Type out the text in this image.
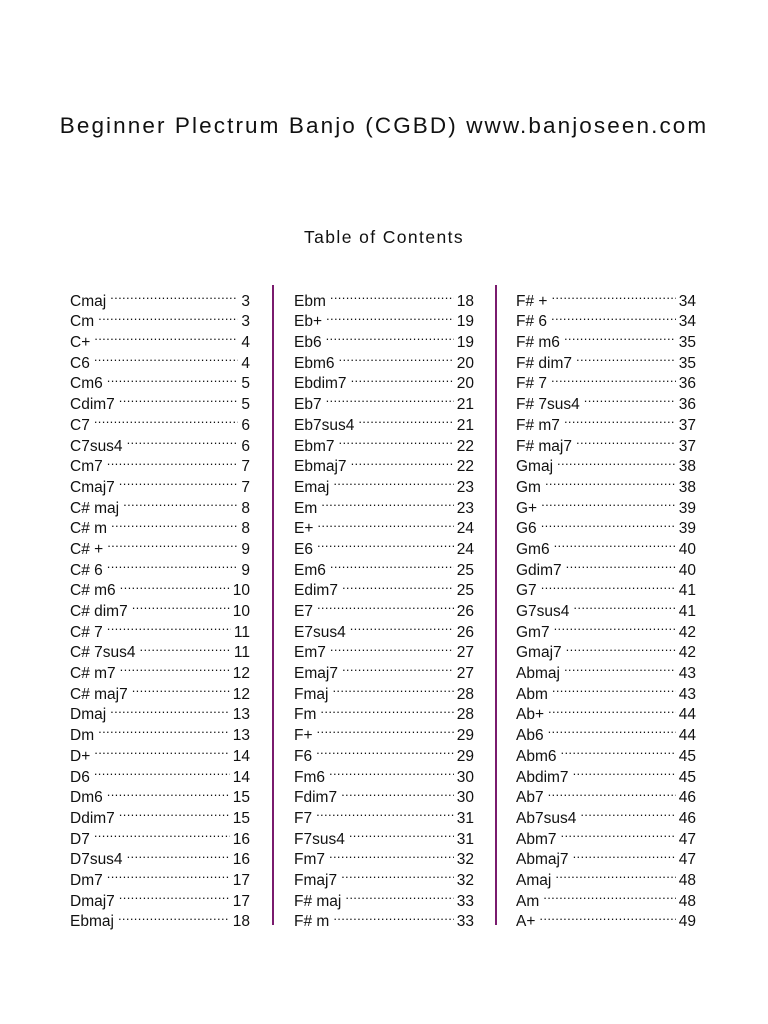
Beginner Plectrum Banjo (CGBD) www.banjoseen.com
Table of Contents
Cmaj .....	3
Cm .....	3
C+ .....	4
C6 .....	4
Cm6 .....	5
Cdim7 .....	5
C7 .....	6
C7sus4 .....	6
Cm7 .....	7
Cmaj7 .....	7
C# maj .....	8
C# m .....	8
C# + .....	9
C# 6 .....	9
C# m6 .....	10
C# dim7 .....	10
C# 7 .....	11
C# 7sus4 .....	11
C# m7 .....	12
C# maj7 .....	12
Dmaj .....	13
Dm .....	13
D+ .....	14
D6 .....	14
Dm6 .....	15
Ddim7 .....	15
D7 .....	16
D7sus4 .....	16
Dm7 .....	17
Dmaj7 .....	17
Ebmaj .....	18
Ebm .....	18
Eb+ .....	19
Eb6 .....	19
Ebm6 .....	20
Ebdim7 .....	20
Eb7 .....	21
Eb7sus4 .....	21
Ebm7 .....	22
Ebmaj7 .....	22
Emaj .....	23
Em .....	23
E+ .....	24
E6 .....	24
Em6 .....	25
Edim7 .....	25
E7 .....	26
E7sus4 .....	26
Em7 .....	27
Emaj7 .....	27
Fmaj .....	28
Fm .....	28
F+ .....	29
F6 .....	29
Fm6 .....	30
Fdim7 .....	30
F7 .....	31
F7sus4 .....	31
Fm7 .....	32
Fmaj7 .....	32
F# maj .....	33
F# m .....	33
F# + .....	34
F# 6 .....	34
F# m6 .....	35
F# dim7 .....	35
F# 7 .....	36
F# 7sus4 .....	36
F# m7 .....	37
F# maj7 .....	37
Gmaj .....	38
Gm .....	38
G+ .....	39
G6 .....	39
Gm6 .....	40
Gdim7 .....	40
G7 .....	41
G7sus4 .....	41
Gm7 .....	42
Gmaj7 .....	42
Abmaj .....	43
Abm .....	43
Ab+ .....	44
Ab6 .....	44
Abm6 .....	45
Abdim7 .....	45
Ab7 .....	46
Ab7sus4 .....	46
Abm7 .....	47
Abmaj7 .....	47
Amaj .....	48
Am .....	48
A+ .....	49
